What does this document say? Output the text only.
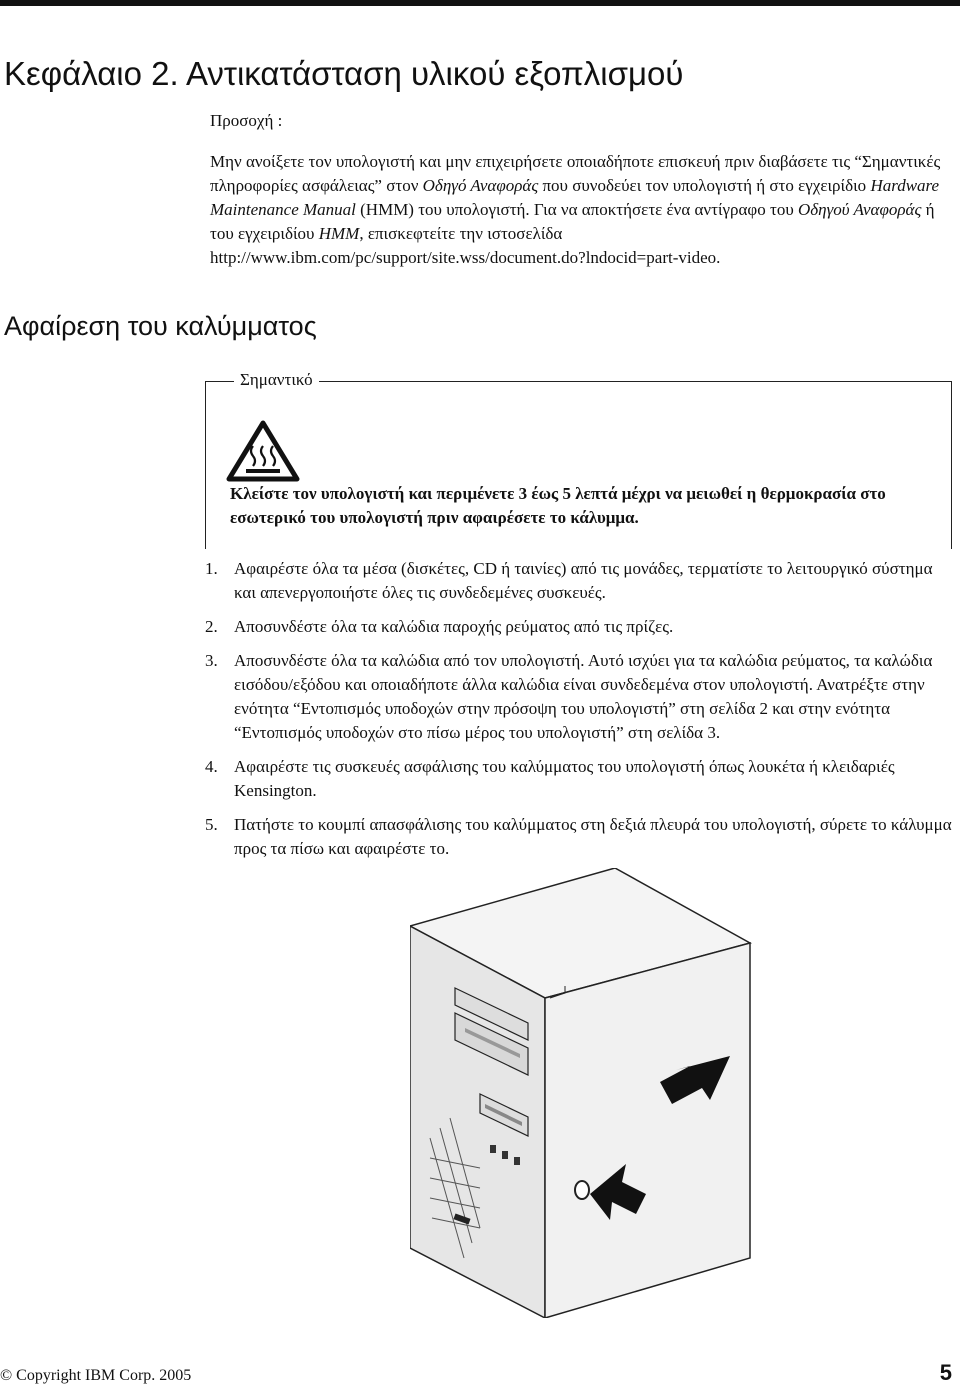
Κεφάλαιο 2. Αντικατάσταση υλικού εξοπλισμού
Προσοχή :

Μην ανοίξετε τον υπολογιστή και μην επιχειρήσετε οποιαδήποτε επισκευή πριν διαβάσετε τις “Σημαντικές πληροφορίες ασφάλειας” στον Οδηγό Αναφοράς που συνοδεύει τον υπολογιστή ή στο εγχειρίδιο Hardware Maintenance Manual (HMM) του υπολογιστή. Για να αποκτήσετε ένα αντίγραφο του Οδηγού Αναφοράς ή του εγχειριδίου HMM, επισκεφτείτε την ιστοσελίδα
http://www.ibm.com/pc/support/site.wss/document.do?lndocid=part-video.

Αφαίρεση του καλύμματος
Σημαντικό

Κλείστε τον υπολογιστή και περιμένετε 3 έως 5 λεπτά μέχρι να μειωθεί η θερμοκρασία στο εσωτερικό του υπολογιστή πριν αφαιρέσετε το κάλυμμα.

1. Αφαιρέστε όλα τα μέσα (δισκέτες, CD ή ταινίες) από τις μονάδες, τερματίστε το λειτουργικό σύστημα και απενεργοποιήστε όλες τις συνδεδεμένες συσκευές.
2. Αποσυνδέστε όλα τα καλώδια παροχής ρεύματος από τις πρίζες.
3. Αποσυνδέστε όλα τα καλώδια από τον υπολογιστή. Αυτό ισχύει για τα καλώδια ρεύματος, τα καλώδια εισόδου/εξόδου και οποιαδήποτε άλλα καλώδια είναι συνδεδεμένα στον υπολογιστή. Ανατρέξτε στην ενότητα “Εντοπισμός υποδοχών στην πρόσοψη του υπολογιστή” στη σελίδα 2 και στην ενότητα “Εντοπισμός υποδοχών στο πίσω μέρος του υπολογιστή” στη σελίδα 3.
4. Αφαιρέστε τις συσκευές ασφάλισης του καλύμματος του υπολογιστή όπως λουκέτα ή κλειδαριές Kensington.
5. Πατήστε το κουμπί απασφάλισης του καλύμματος στη δεξιά πλευρά του υπολογιστή, σύρετε το κάλυμμα προς τα πίσω και αφαιρέστε το.
© Copyright IBM Corp. 2005	5
